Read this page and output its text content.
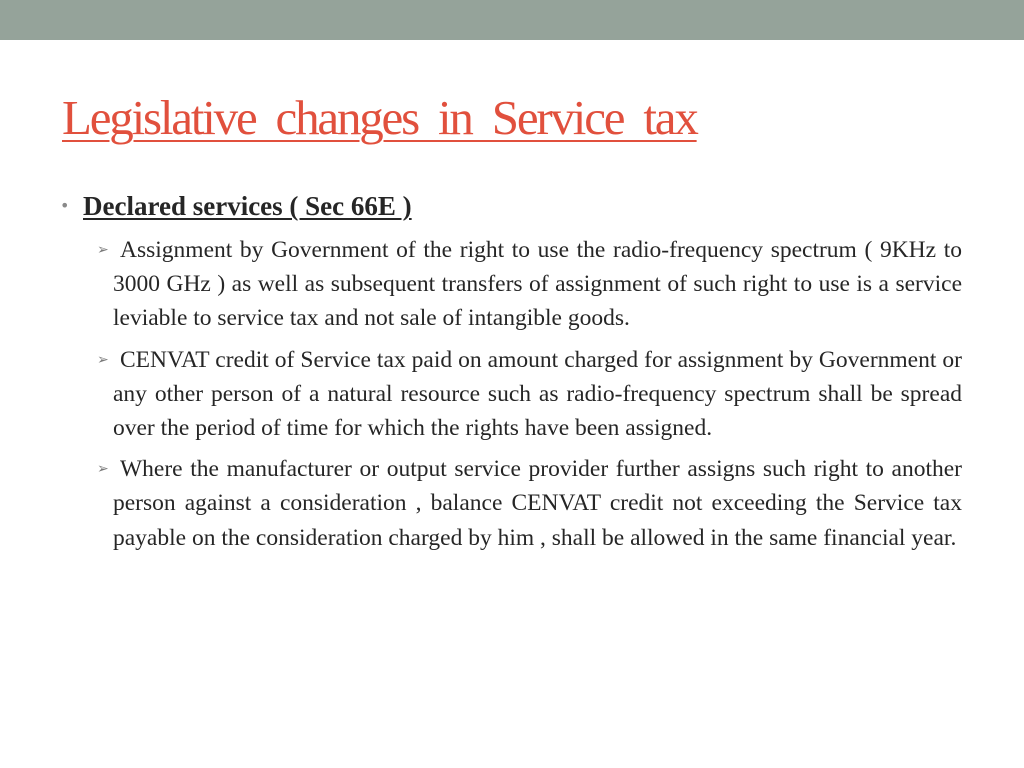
Legislative changes in Service tax
• Declared services ( Sec 66E )
➢ Assignment by Government of the right to use the radio-frequency spectrum ( 9KHz to 3000 GHz ) as well as subsequent transfers of assignment of such right to use is a service leviable to service tax and not sale of intangible goods.
➢ CENVAT credit of Service tax paid on amount charged for assignment by Government or any other person of a natural resource such as radio-frequency spectrum shall be spread over the period of time for which the rights have been assigned.
➢ Where the manufacturer or output service provider further assigns such right to another person against a consideration , balance CENVAT credit not exceeding the Service tax payable on the consideration charged by him , shall be allowed in the same financial year.
